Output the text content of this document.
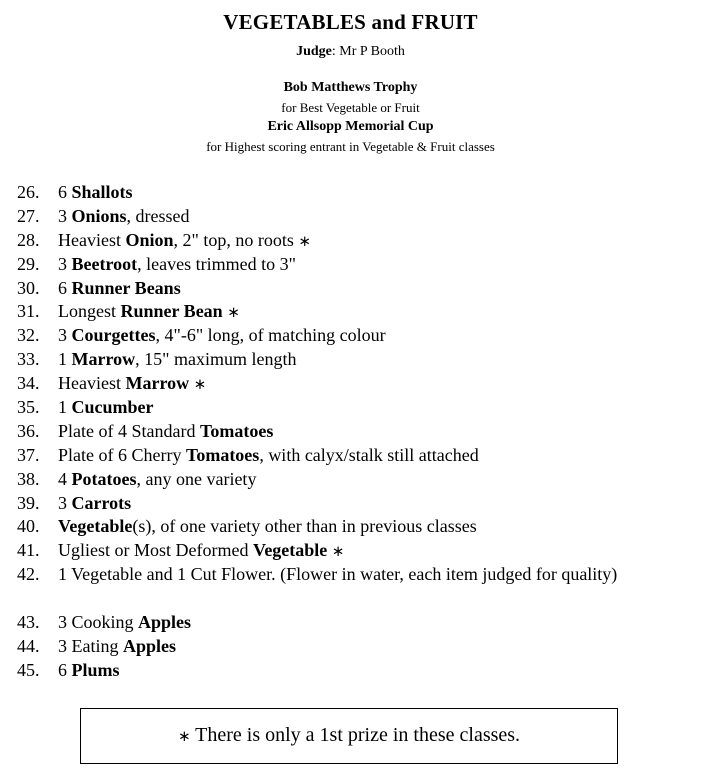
VEGETABLES and FRUIT
Judge: Mr P Booth
Bob Matthews Trophy
for Best Vegetable or Fruit
Eric Allsopp Memorial Cup
for Highest scoring entrant in Vegetable & Fruit classes
26. 6 Shallots
27. 3 Onions, dressed
28. Heaviest Onion, 2" top, no roots ∗
29. 3 Beetroot, leaves trimmed to 3"
30. 6 Runner Beans
31. Longest Runner Bean ∗
32. 3 Courgettes, 4"-6" long, of matching colour
33. 1 Marrow, 15" maximum length
34. Heaviest Marrow ∗
35. 1 Cucumber
36. Plate of 4 Standard Tomatoes
37. Plate of 6 Cherry Tomatoes, with calyx/stalk still attached
38. 4 Potatoes, any one variety
39. 3 Carrots
40. Vegetable(s), of one variety other than in previous classes
41. Ugliest or Most Deformed Vegetable ∗
42. 1 Vegetable and 1 Cut Flower. (Flower in water, each item judged for quality)
43. 3 Cooking Apples
44. 3 Eating Apples
45. 6 Plums
∗ There is only a 1st prize in these classes.
